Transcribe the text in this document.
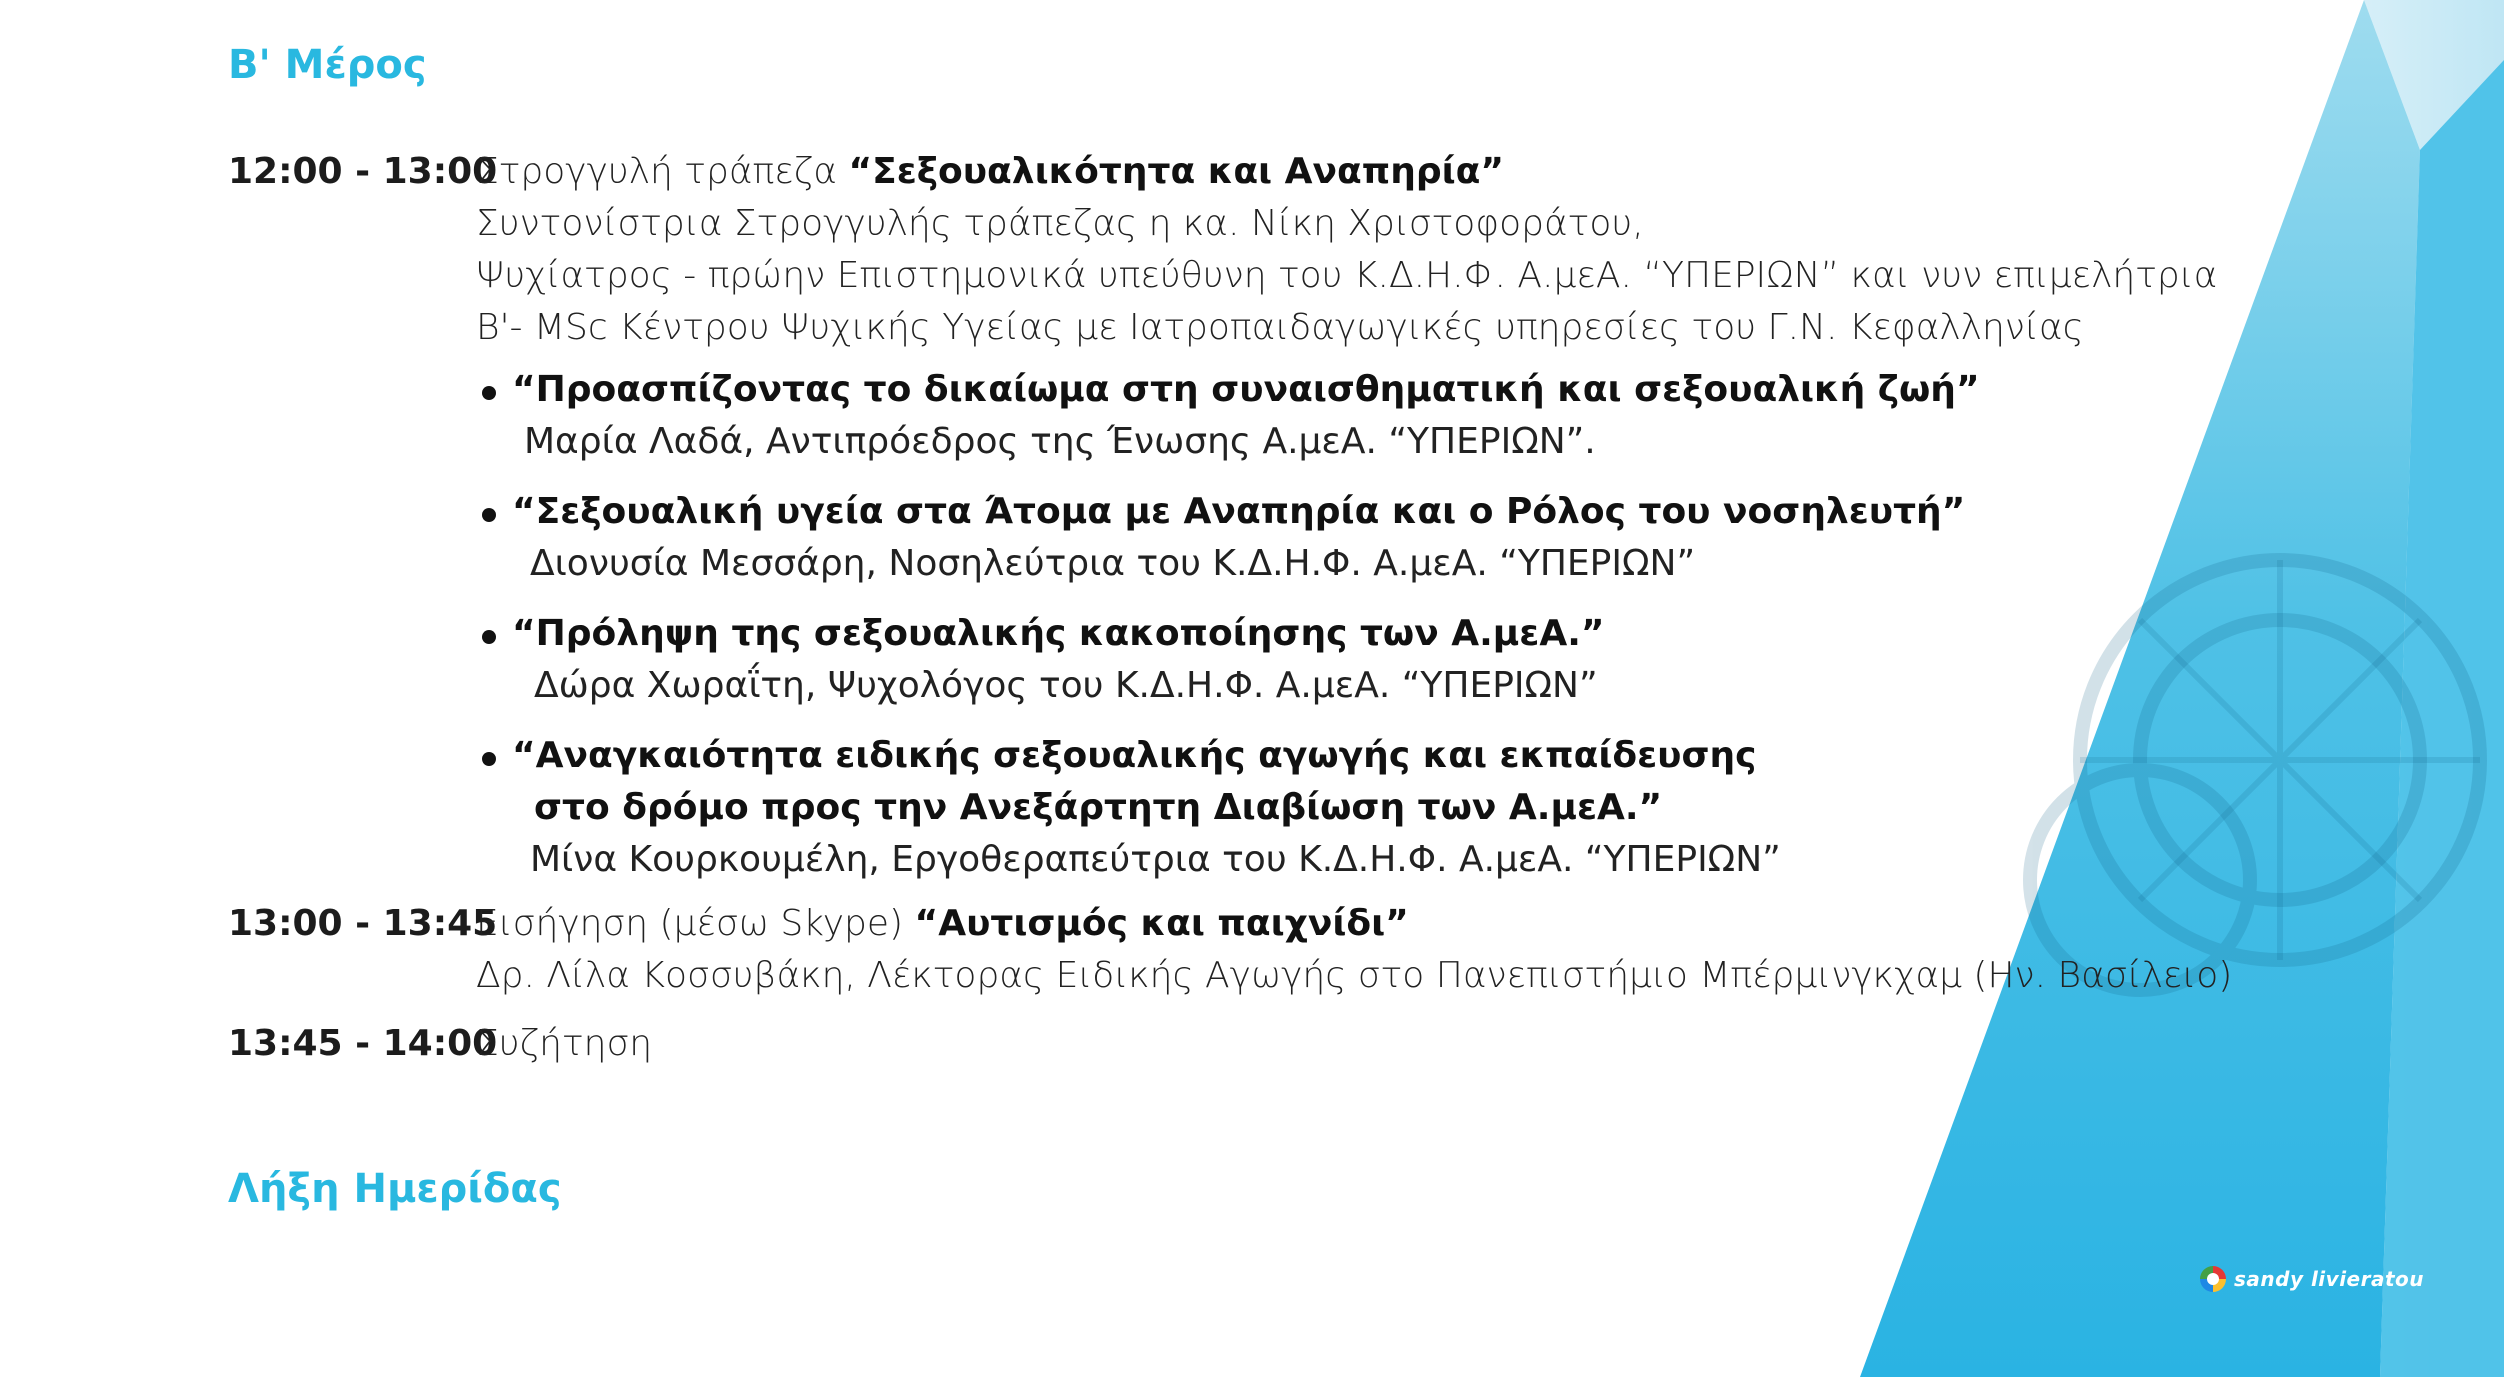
Β' Μέρος
12:00 - 13:00
Στρογγυλή τράπεζα “Σεξουαλικότητα και Αναπηρία”
Συντονίστρια Στρογγυλής τράπεζας η κα. Νίκη Χριστοφοράτου,
Ψυχίατρος - πρώην Επιστημονικά υπεύθυνη του Κ.Δ.Η.Φ. Α.μεΑ. “ΥΠΕΡΙΩΝ” και νυν επιμελήτρια
Β'- MSc Κέντρου Ψυχικής Υγείας με Ιατροπαιδαγωγικές υπηρεσίες του Γ.Ν. Κεφαλληνίας
“Προασπίζοντας το δικαίωμα στη συναισθηματική και σεξουαλική ζωή”
Μαρία Λαδά, Αντιπρόεδρος της Ένωσης Α.μεΑ. “ΥΠΕΡΙΩΝ”.
“Σεξουαλική υγεία στα Άτομα με Αναπηρία και ο Ρόλος του νοσηλευτή”
Διονυσία Μεσσάρη, Νοσηλεύτρια του Κ.Δ.Η.Φ. Α.μεΑ. “ΥΠΕΡΙΩΝ”
“Πρόληψη της σεξουαλικής κακοποίησης των Α.μεΑ.”
Δώρα Χωραΐτη, Ψυχολόγος του Κ.Δ.Η.Φ. Α.μεΑ. “ΥΠΕΡΙΩΝ”
“Αναγκαιότητα ειδικής σεξουαλικής αγωγής και εκπαίδευσης
στο δρόμο προς την Ανεξάρτητη Διαβίωση των Α.μεΑ.”
Μίνα Κουρκουμέλη, Εργοθεραπεύτρια του Κ.Δ.Η.Φ. Α.μεΑ. “ΥΠΕΡΙΩΝ”
13:00 - 13:45
Εισήγηση (μέσω Skype) “Αυτισμός και παιχνίδι”
Δρ. Λίλα Κοσσυβάκη, Λέκτορας Ειδικής Αγωγής στο Πανεπιστήμιο Μπέρμινγκχαμ (Ην. Βασίλειο)
13:45 - 14:00
Συζήτηση
Λήξη Ημερίδας
sandy livieratou
